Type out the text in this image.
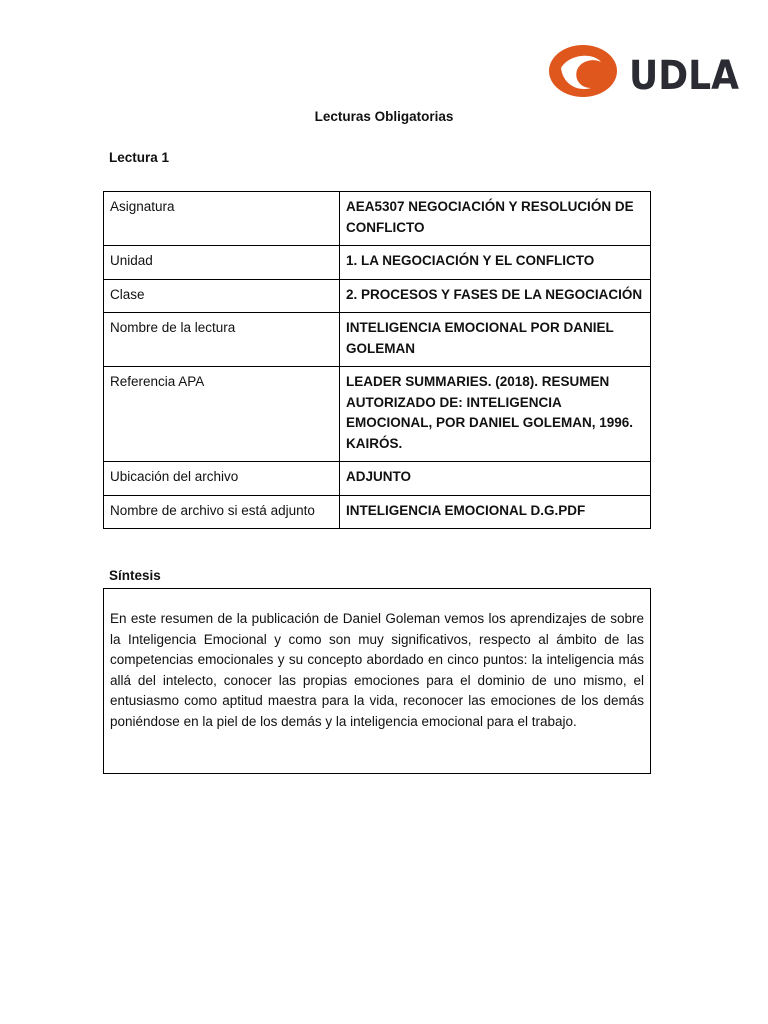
UDLA
Lecturas Obligatorias
Lectura 1
Asignatura	AEA5307 NEGOCIACIÓN Y RESOLUCIÓN DE CONFLICTO
Unidad	1. LA NEGOCIACIÓN Y EL CONFLICTO
Clase	2. PROCESOS Y FASES DE LA NEGOCIACIÓN
Nombre de la lectura	INTELIGENCIA EMOCIONAL POR DANIEL GOLEMAN
Referencia APA	LEADER SUMMARIES. (2018). RESUMEN AUTORIZADO DE: INTELIGENCIA EMOCIONAL, POR DANIEL GOLEMAN, 1996. KAIRÓS.
Ubicación del archivo	ADJUNTO
Nombre de archivo si está adjunto	INTELIGENCIA EMOCIONAL D.G.PDF
Síntesis

En este resumen de la publicación de Daniel Goleman vemos los aprendizajes de sobre la Inteligencia Emocional y como son muy significativos, respecto al ámbito de las competencias emocionales y su concepto abordado en cinco puntos: la inteligencia más allá del intelecto, conocer las propias emociones para el dominio de uno mismo, el entusiasmo como aptitud maestra para la vida, reconocer las emociones de los demás poniéndose en la piel de los demás y la inteligencia emocional para el trabajo.
